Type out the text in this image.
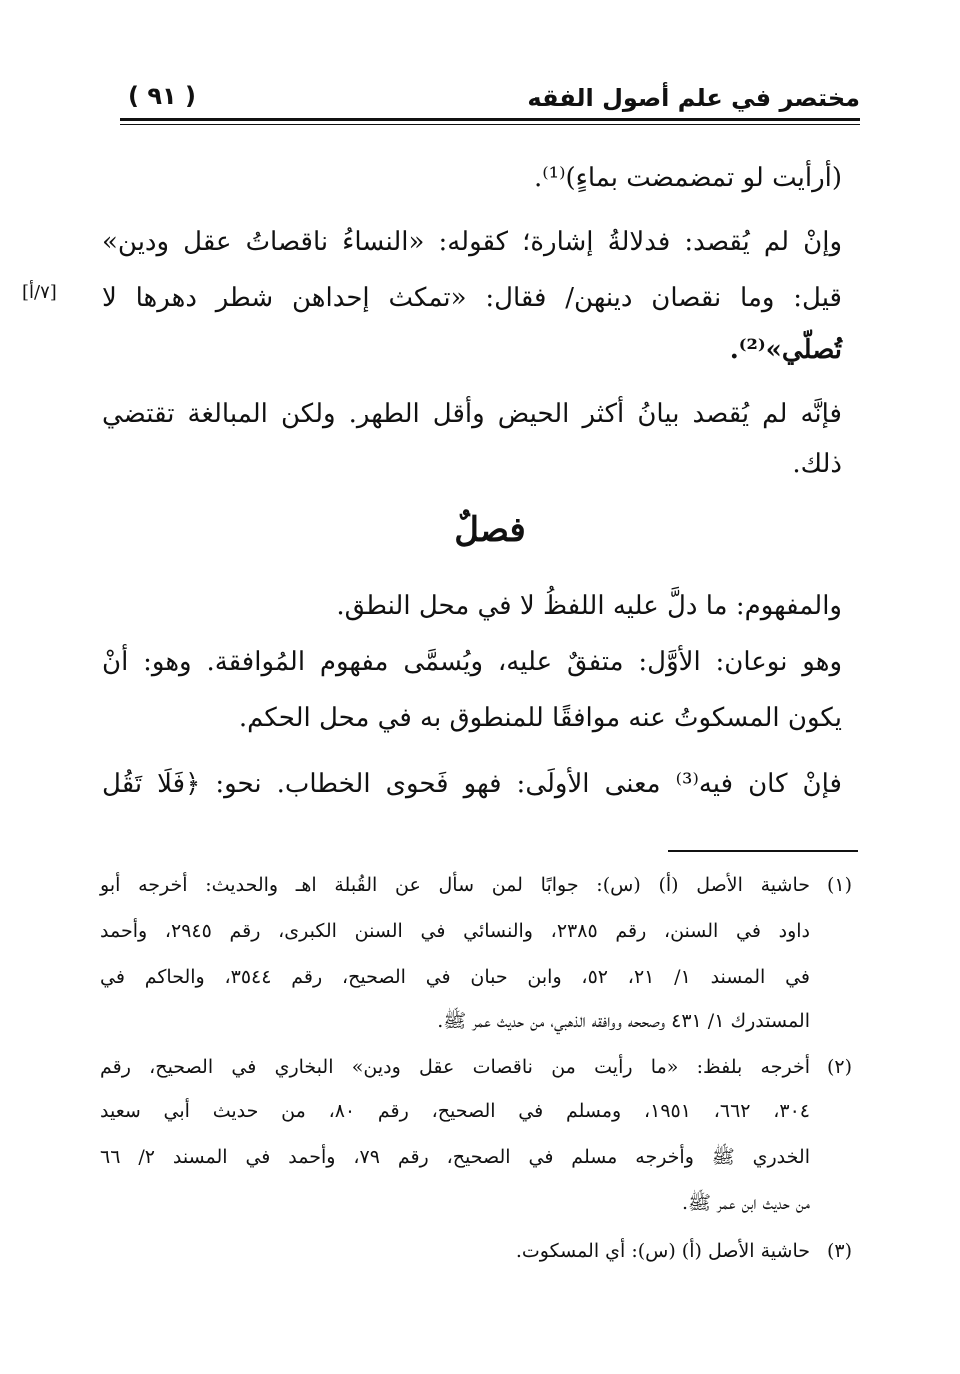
مختصر في علم أصول الفقه
( ٩١ )
(أرأيت لو تمضمضت بماءٍ)⁽¹⁾.
وإنْ لم يُقصد: فدلالةُ إشارة؛ كقوله: «النساءُ ناقصاتُ عقل ودين»
قيل: وما نقصان دينهن/ فقال: «تمكث إحداهن شطر دهرها لا
[٧/أ]
تُصلّي»⁽²⁾.
فإنَّه لم يُقصد بيانُ أكثر الحيض وأقل الطهر. ولكن المبالغة تقتضي
ذلك.
فصلٌ
والمفهوم: ما دلَّ عليه اللفظُ لا في محل النطق.
وهو نوعان: الأوَّل: متفقٌ عليه، ويُسمَّى مفهوم المُوافقة. وهو: أنْ
يكون المسكوتُ عنه موافقًا للمنطوق به في محل الحكم.
فإنْ كان فيه⁽³⁾ معنى الأولَى: فهو فَحوى الخطاب. نحو: ﴿فَلَا تَقُل
(١)
حاشية الأصل (أ) (س): جوابًا لمن سأل عن القُبلة اهـ والحديث: أخرجه أبو
داود في السنن، رقم ٢٣٨٥، والنسائي في السنن الكبرى، رقم ٢٩٤٥، وأحمد
في المسند ١/ ٢١، ٥٢، وابن حبان في الصحيح، رقم ٣٥٤٤، والحاكم في
المستدرك ١/ ٤٣١ وصححه ووافقه الذهبي، من حديث عمر ﷺ.
(٢)
أخرجه بلفظ: «ما رأيت من ناقصات عقل ودين» البخاري في الصحيح، رقم
٣٠٤، ٦٦٢، ١٩٥١، ومسلم في الصحيح، رقم ٨٠، من حديث أبي سعيد
الخدري ﷺ وأخرجه مسلم في الصحيح، رقم ٧٩، وأحمد في المسند ٢/ ٦٦
من حديث ابن عمر ﷺ.
(٣)
حاشية الأصل (أ) (س): أي المسكوت.
